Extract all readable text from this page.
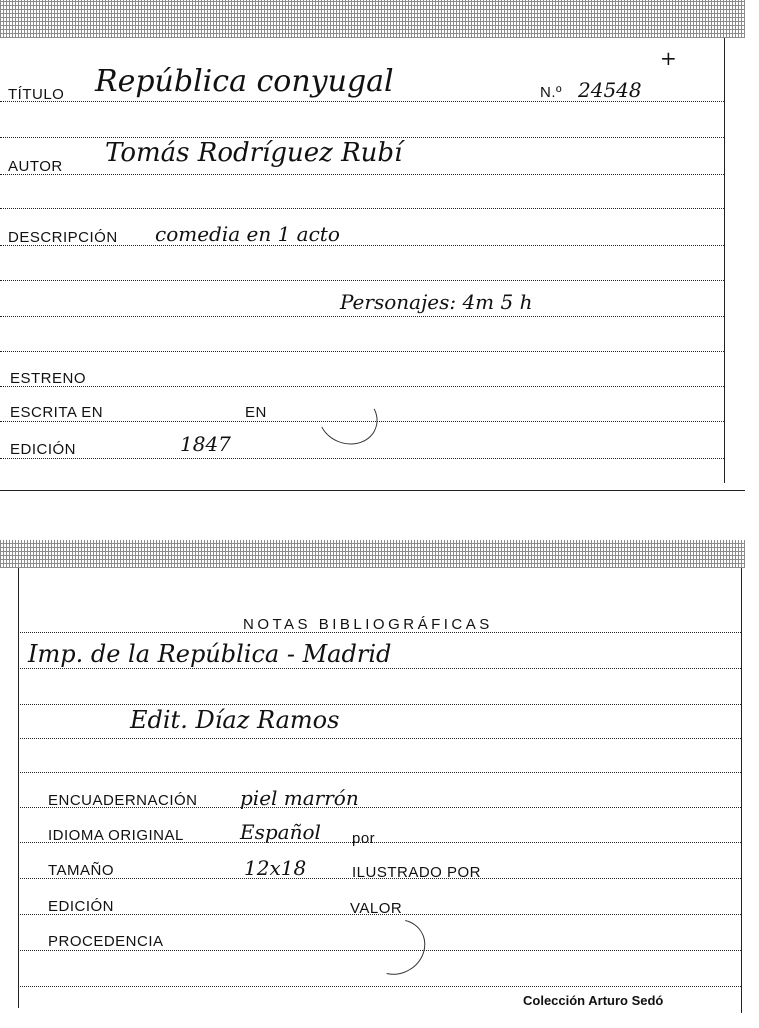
TÍTULO República conyugal	N.º 24548
+
AUTOR Tomás Rodríguez Rubí
DESCRIPCIÓN comedia en 1 acto
Personajes: 4m 5 h
ESTRENO
ESCRITA EN	EN
EDICIÓN	1847
NOTAS BIBLIOGRÁFICAS
Imp. de la República - Madrid
Edit. Díaz Ramos
ENCUADERNACIÓN piel marrón
IDIOMA ORIGINAL	Español por
TAMAÑO	12x18	ILUSTRADO POR
EDICIÓN	VALOR
PROCEDENCIA
Colección Arturo Sedó
